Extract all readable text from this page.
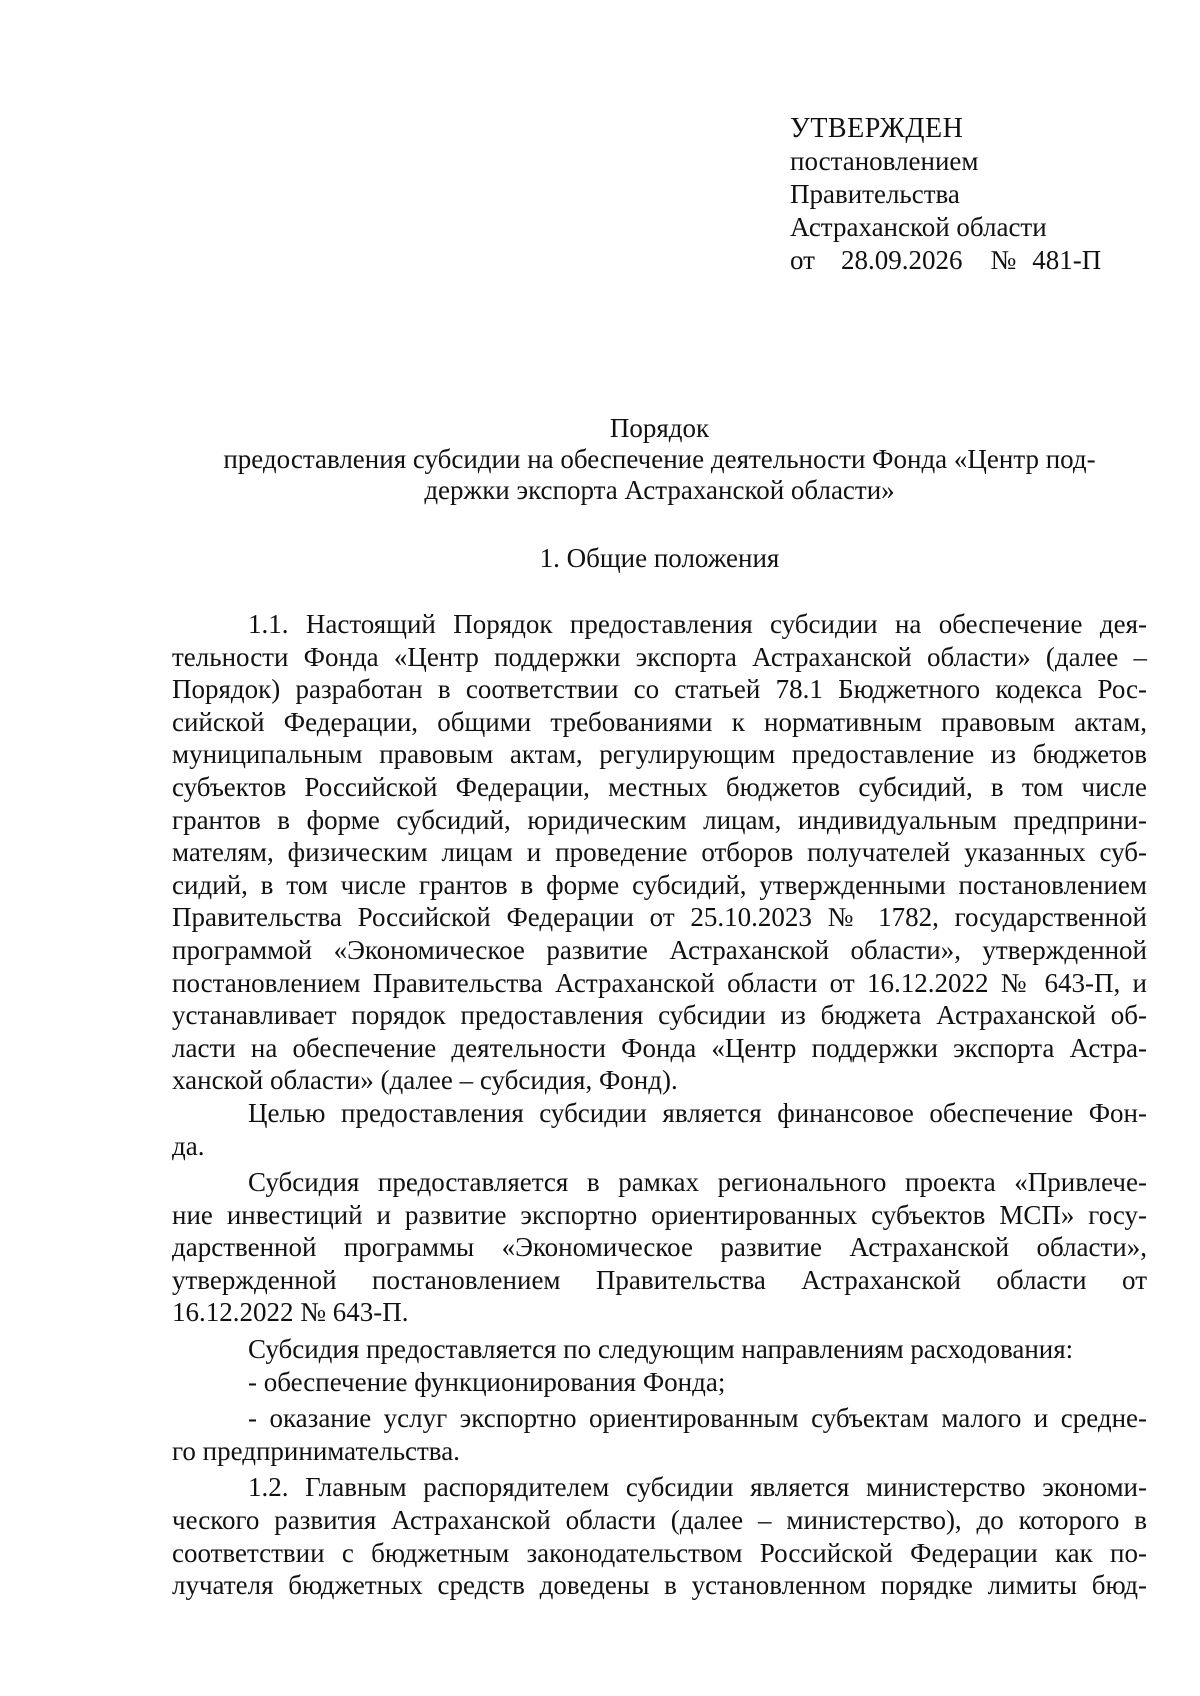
УТВЕРЖДЕН
постановлением
Правительства
Астраханской области
от 28.09.2026 № 481-П
Порядок
предоставления субсидии на обеспечение деятельности Фонда «Центр под-
держки экспорта Астраханской области»
1. Общие положения
1.1. Настоящий Порядок предоставления субсидии на обеспечение дея-
тельности Фонда «Центр поддержки экспорта Астраханской области» (далее –
Порядок) разработан в соответствии со статьей 78.1 Бюджетного кодекса Рос-
сийской Федерации, общими требованиями к нормативным правовым актам,
муниципальным правовым актам, регулирующим предоставление из бюджетов
субъектов Российской Федерации, местных бюджетов субсидий, в том числе
грантов в форме субсидий, юридическим лицам, индивидуальным предприни-
мателям, физическим лицам и проведение отборов получателей указанных суб-
сидий, в том числе грантов в форме субсидий, утвержденными постановлением
Правительства Российской Федерации от 25.10.2023 № 1782, государственной
программой «Экономическое развитие Астраханской области», утвержденной
постановлением Правительства Астраханской области от 16.12.2022 № 643-П, и
устанавливает порядок предоставления субсидии из бюджета Астраханской об-
ласти на обеспечение деятельности Фонда «Центр поддержки экспорта Астра-
ханской области» (далее – субсидия, Фонд).
Целью предоставления субсидии является финансовое обеспечение Фон-
да.
Субсидия предоставляется в рамках регионального проекта «Привлече-
ние инвестиций и развитие экспортно ориентированных субъектов МСП» госу-
дарственной программы «Экономическое развитие Астраханской области»,
утвержденной постановлением Правительства Астраханской области от
16.12.2022 № 643-П.
Субсидия предоставляется по следующим направлениям расходования:
- обеспечение функционирования Фонда;
- оказание услуг экспортно ориентированным субъектам малого и средне-
го предпринимательства.
1.2. Главным распорядителем субсидии является министерство экономи-
ческого развития Астраханской области (далее – министерство), до которого в
соответствии с бюджетным законодательством Российской Федерации как по-
лучателя бюджетных средств доведены в установленном порядке лимиты бюд-
